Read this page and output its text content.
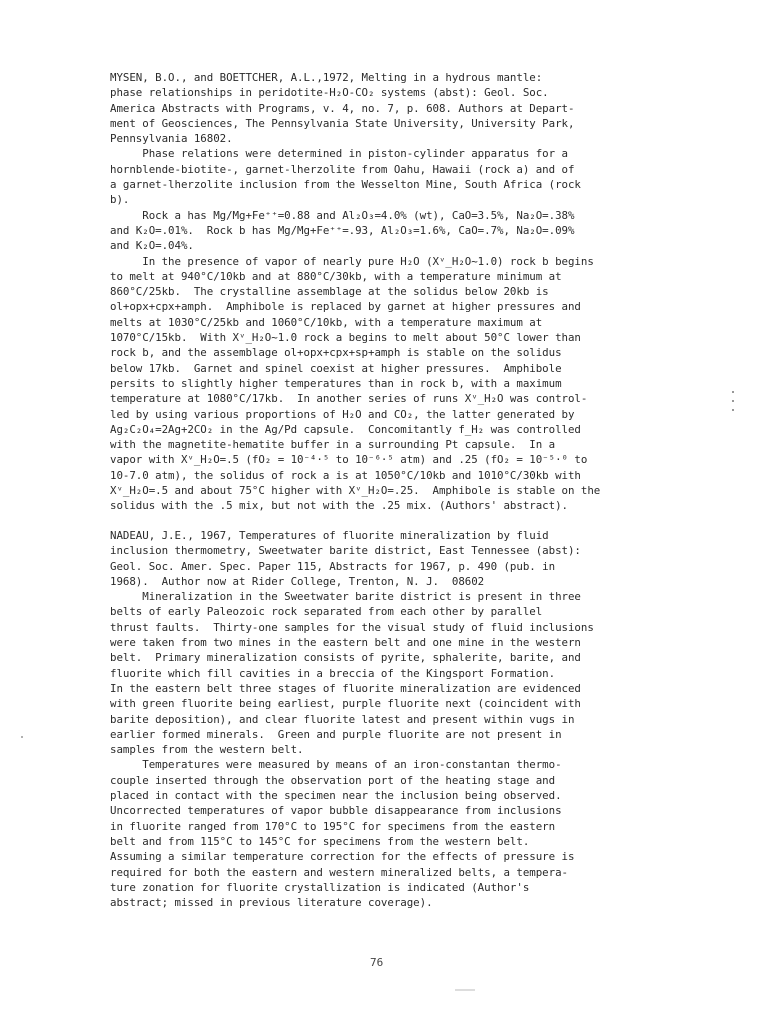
MYSEN, B.O., and BOETTCHER, A.L.,1972, Melting in a hydrous mantle:
phase relationships in peridotite-H₂O-CO₂ systems (abst): Geol. Soc.
America Abstracts with Programs, v. 4, no. 7, p. 608. Authors at Depart-
ment of Geosciences, The Pennsylvania State University, University Park,
Pennsylvania 16802.
Phase relations were determined in piston-cylinder apparatus for a
hornblende-biotite-, garnet-lherzolite from Oahu, Hawaii (rock a) and of
a garnet-lherzolite inclusion from the Wesselton Mine, South Africa (rock
b).
Rock a has Mg/Mg+Fe⁺⁺=0.88 and Al₂O₃=4.0% (wt), CaO=3.5%, Na₂O=.38%
and K₂O=.01%.  Rock b has Mg/Mg+Fe⁺⁺=.93, Al₂O₃=1.6%, CaO=.7%, Na₂O=.09%
and K₂O=.04%.
In the presence of vapor of nearly pure H₂O (Xᵛ_H₂O~1.0) rock b begins
to melt at 940°C/10kb and at 880°C/30kb, with a temperature minimum at
860°C/25kb.  The crystalline assemblage at the solidus below 20kb is
ol+opx+cpx+amph.  Amphibole is replaced by garnet at higher pressures and
melts at 1030°C/25kb and 1060°C/10kb, with a temperature maximum at
1070°C/15kb.  With Xᵛ_H₂O~1.0 rock a begins to melt about 50°C lower than
rock b, and the assemblage ol+opx+cpx+sp+amph is stable on the solidus
below 17kb.  Garnet and spinel coexist at higher pressures.  Amphibole
persits to slightly higher temperatures than in rock b, with a maximum
temperature at 1080°C/17kb.  In another series of runs Xᵛ_H₂O was control-
led by using various proportions of H₂O and CO₂, the latter generated by
Ag₂C₂O₄=2Ag+2CO₂ in the Ag/Pd capsule.  Concomitantly f_H₂ was controlled
with the magnetite-hematite buffer in a surrounding Pt capsule.  In a
vapor with Xᵛ_H₂O=.5 (fO₂ = 10⁻⁴·⁵ to 10⁻⁶·⁵ atm) and .25 (fO₂ = 10⁻⁵·⁰ to
10-7.0 atm), the solidus of rock a is at 1050°C/10kb and 1010°C/30kb with
Xᵛ_H₂O=.5 and about 75°C higher with Xᵛ_H₂O=.25.  Amphibole is stable on the
solidus with the .5 mix, but not with the .25 mix. (Authors' abstract).
NADEAU, J.E., 1967, Temperatures of fluorite mineralization by fluid
inclusion thermometry, Sweetwater barite district, East Tennessee (abst):
Geol. Soc. Amer. Spec. Paper 115, Abstracts for 1967, p. 490 (pub. in
1968).  Author now at Rider College, Trenton, N. J.  08602
Mineralization in the Sweetwater barite district is present in three
belts of early Paleozoic rock separated from each other by parallel
thrust faults.  Thirty-one samples for the visual study of fluid inclusions
were taken from two mines in the eastern belt and one mine in the western
belt.  Primary mineralization consists of pyrite, sphalerite, barite, and
fluorite which fill cavities in a breccia of the Kingsport Formation.
In the eastern belt three stages of fluorite mineralization are evidenced
with green fluorite being earliest, purple fluorite next (coincident with
barite deposition), and clear fluorite latest and present within vugs in
earlier formed minerals.  Green and purple fluorite are not present in
samples from the western belt.
Temperatures were measured by means of an iron-constantan thermo-
couple inserted through the observation port of the heating stage and
placed in contact with the specimen near the inclusion being observed.
Uncorrected temperatures of vapor bubble disappearance from inclusions
in fluorite ranged from 170°C to 195°C for specimens from the eastern
belt and from 115°C to 145°C for specimens from the western belt.
Assuming a similar temperature correction for the effects of pressure is
required for both the eastern and western mineralized belts, a tempera-
ture zonation for fluorite crystallization is indicated (Author's
abstract; missed in previous literature coverage).
76
